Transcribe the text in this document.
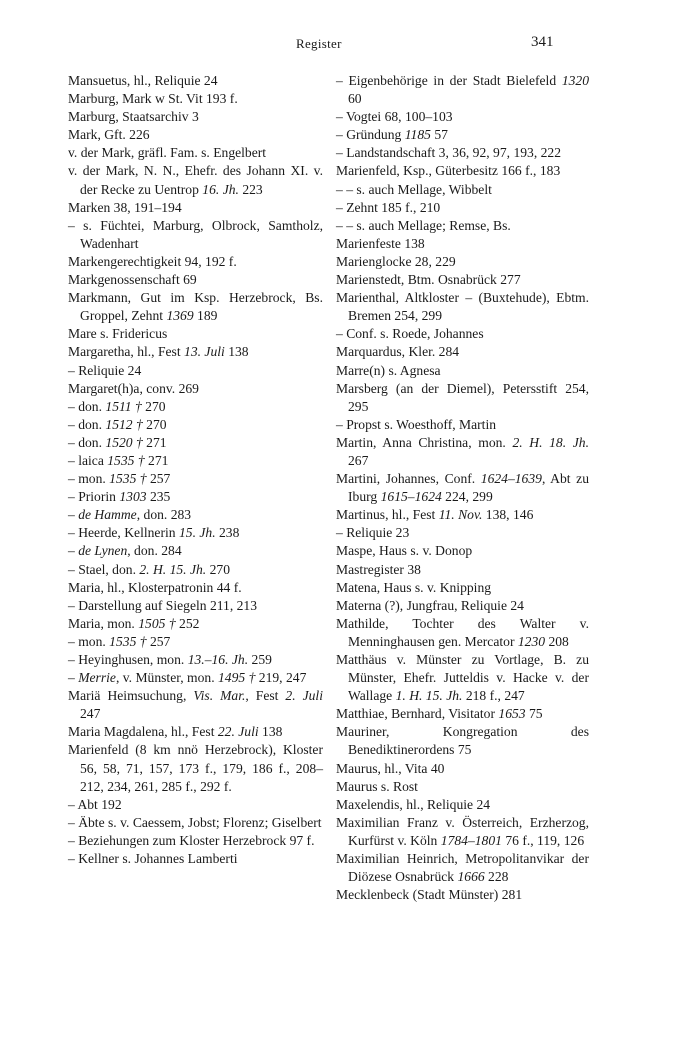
Register	341
Mansuetus, hl., Reliquie 24
Marburg, Mark w St. Vit 193 f.
Marburg, Staatsarchiv 3
Mark, Gft. 226
v. der Mark, gräfl. Fam. s. Engelbert
v. der Mark, N. N., Ehefr. des Johann XI. v. der Recke zu Uentrop 16. Jh. 223
Marken 38, 191–194
– s. Füchtei, Marburg, Olbrock, Samtholz, Wadenhart
Markengerechtigkeit 94, 192 f.
Markgenossenschaft 69
Markmann, Gut im Ksp. Herzebrock, Bs. Groppel, Zehnt 1369 189
Mare s. Fridericus
Margaretha, hl., Fest 13. Juli 138
– Reliquie 24
Margaret(h)a, conv. 269
– don. 1511 † 270
– don. 1512 † 270
– don. 1520 † 271
– laica 1535 † 271
– mon. 1535 † 257
– Priorin 1303 235
– de Hamme, don. 283
– Heerde, Kellnerin 15. Jh. 238
– de Lynen, don. 284
– Stael, don. 2. H. 15. Jh. 270
Maria, hl., Klosterpatronin 44 f.
– Darstellung auf Siegeln 211, 213
Maria, mon. 1505 † 252
– mon. 1535 † 257
– Heyinghusen, mon. 13.–16. Jh. 259
– Merrie, v. Münster, mon. 1495 † 219, 247
Mariä Heimsuchung, Vis. Mar., Fest 2. Juli 247
Maria Magdalena, hl., Fest 22. Juli 138
Marienfeld (8 km nnö Herzebrock), Kloster 56, 58, 71, 157, 173 f., 179, 186 f., 208–212, 234, 261, 285 f., 292 f.
– Abt 192
– Äbte s. v. Caessem, Jobst; Florenz; Giselbert
– Beziehungen zum Kloster Herzebrock 97 f.
– Kellner s. Johannes Lamberti
– Eigenbehörige in der Stadt Bielefeld 1320 60
– Vogtei 68, 100–103
– Gründung 1185 57
– Landstandschaft 3, 36, 92, 97, 193, 222
Marienfeld, Ksp., Güterbesitz 166 f., 183
– – s. auch Mellage, Wibbelt
– Zehnt 185 f., 210
– – s. auch Mellage; Remse, Bs.
Marienfeste 138
Marienglocke 28, 229
Marienstedt, Btm. Osnabrück 277
Marienthal, Altkloster – (Buxtehude), Ebtm. Bremen 254, 299
– Conf. s. Roede, Johannes
Marquardus, Kler. 284
Marre(n) s. Agnesa
Marsberg (an der Diemel), Petersstift 254, 295
– Propst s. Woesthoff, Martin
Martin, Anna Christina, mon. 2. H. 18. Jh. 267
Martini, Johannes, Conf. 1624–1639, Abt zu Iburg 1615–1624 224, 299
Martinus, hl., Fest 11. Nov. 138, 146
– Reliquie 23
Maspe, Haus s. v. Donop
Mastregister 38
Matena, Haus s. v. Knipping
Materna (?), Jungfrau, Reliquie 24
Mathilde, Tochter des Walter v. Menninghausen gen. Mercator 1230 208
Matthäus v. Münster zu Vortlage, B. zu Münster, Ehefr. Jutteldis v. Hacke v. der Wallage 1. H. 15. Jh. 218 f., 247
Matthiae, Bernhard, Visitator 1653 75
Mauriner, Kongregation des Benediktinerordens 75
Maurus, hl., Vita 40
Maurus s. Rost
Maxelendis, hl., Reliquie 24
Maximilian Franz v. Österreich, Erzherzog, Kurfürst v. Köln 1784–1801 76 f., 119, 126
Maximilian Heinrich, Metropolitanvikar der Diözese Osnabrück 1666 228
Mecklenbeck (Stadt Münster) 281
